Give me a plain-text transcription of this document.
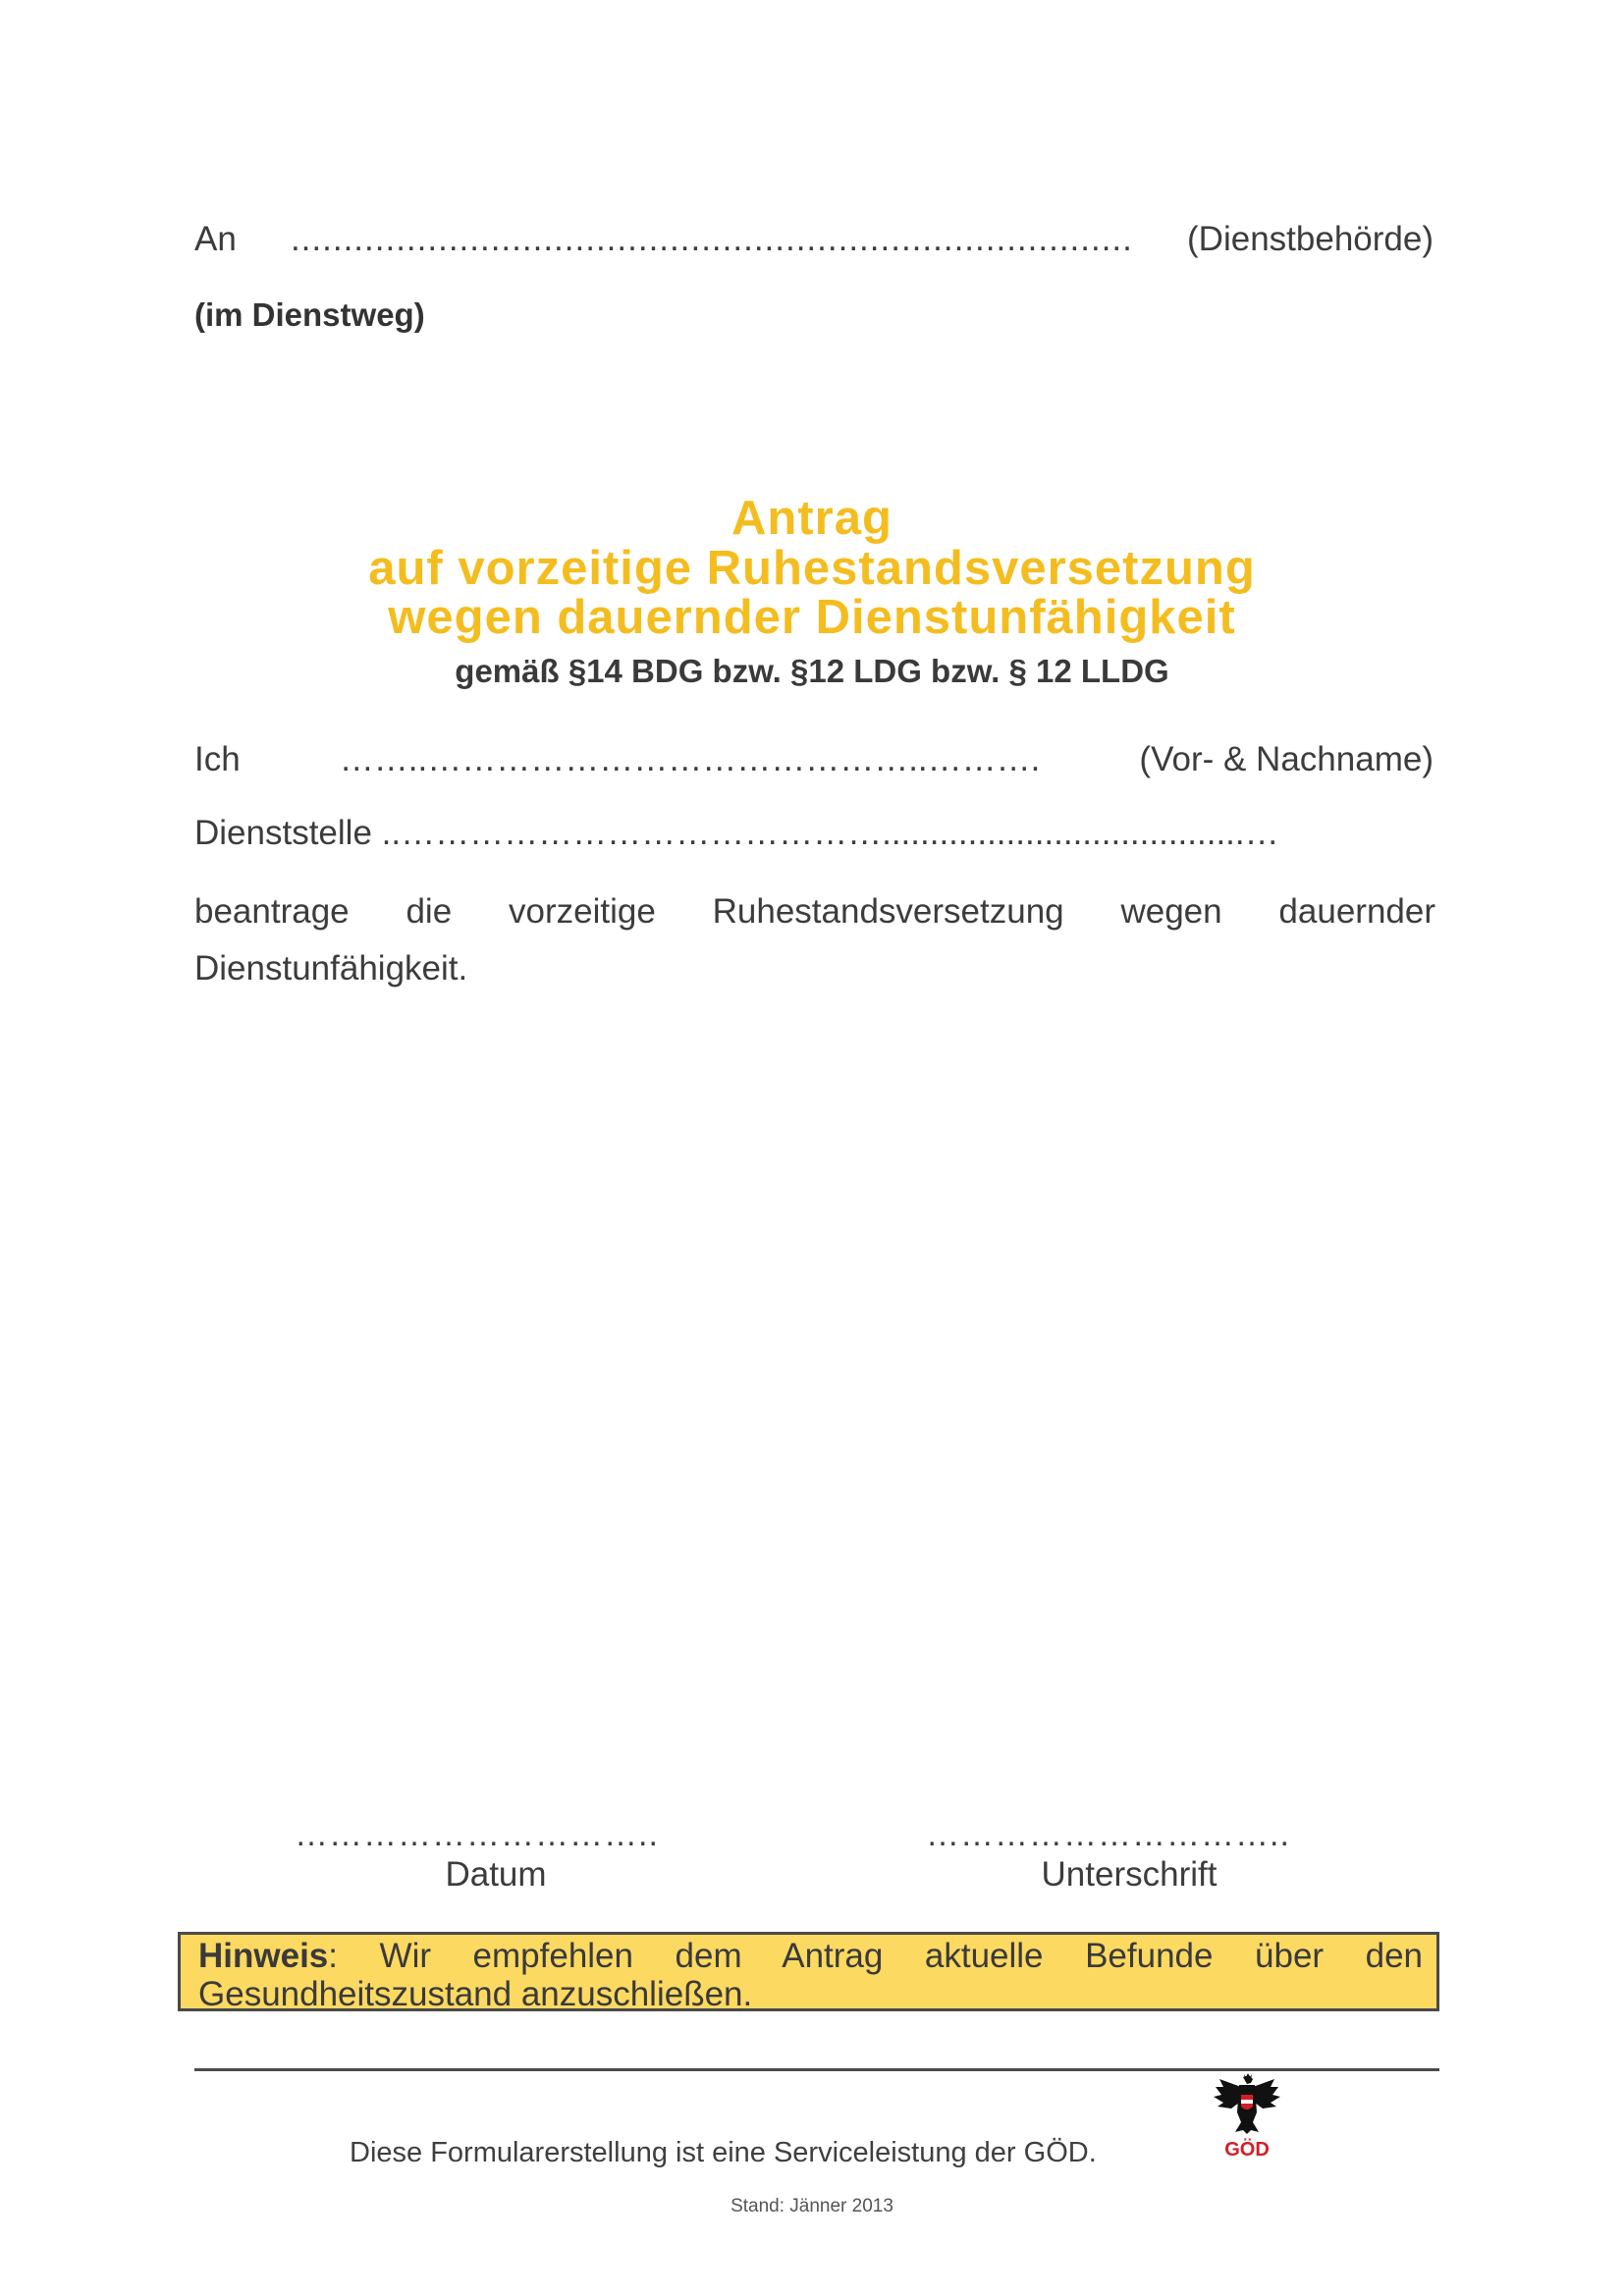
An ................................................................................ (Dienstbehörde)
(im Dienstweg)
Antrag
auf vorzeitige Ruhestandsversetzung
wegen dauernder Dienstunfähigkeit
gemäß §14 BDG bzw. §12 LDG bzw. § 12 LLDG
Ich	……..……………………………………..……….	(Vor- & Nachname)
Dienststelle ..……………………………………......................................…
beantrage die vorzeitige Ruhestandsversetzung wegen dauernder Dienstunfähigkeit.
…………………………..	…………………………..
Datum	Unterschrift
Hinweis: Wir empfehlen dem Antrag aktuelle Befunde über den Gesundheitszustand anzuschließen.
Diese Formularerstellung ist eine Serviceleistung der GÖD.	GÖD
Stand: Jänner 2013
